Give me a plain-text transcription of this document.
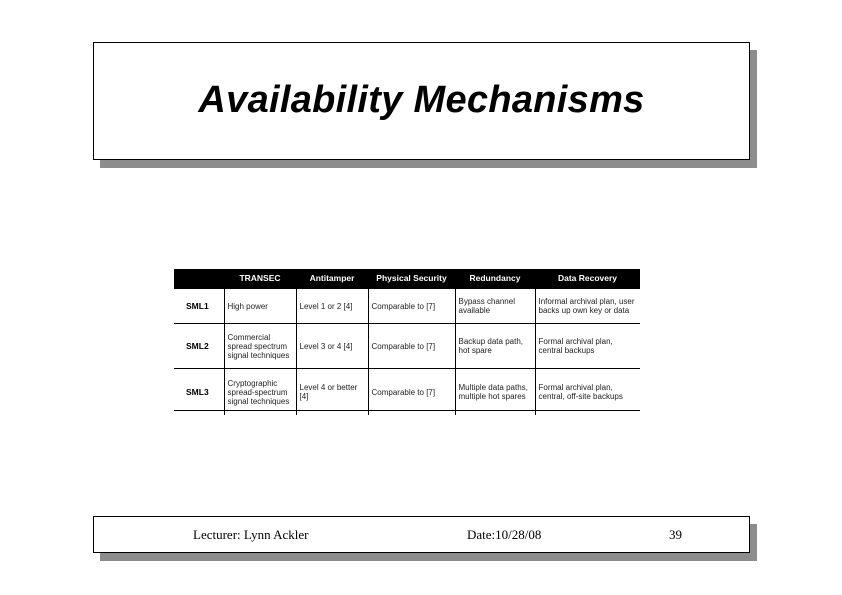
Availability Mechanisms
	TRANSEC	Antitamper	Physical Security	Redundancy	Data Recovery
SML1	High power	Level 1 or 2 [4]	Comparable to [7]	Bypass channel available	Informal archival plan, user backs up own key or data
SML2	Commercial spread spectrum signal techniques	Level 3 or 4 [4]	Comparable to [7]	Backup data path, hot spare	Formal archival plan, central backups
SML3	Cryptographic spread-spectrum signal techniques	Level 4 or better [4]	Comparable to [7]	Multiple data paths, multiple hot spares	Formal archival plan, central, off-site backups
Lecturer: Lynn Ackler	Date:10/28/08	39
